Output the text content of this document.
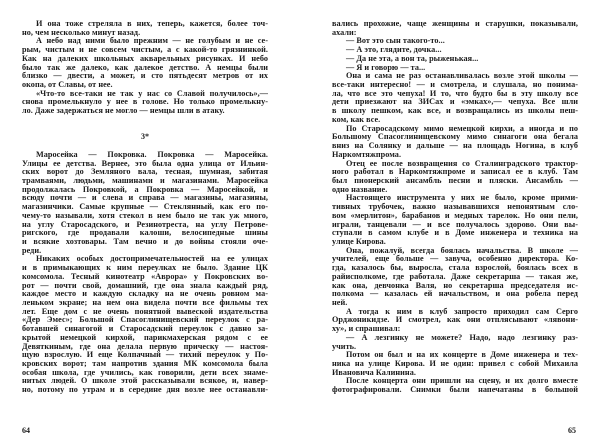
И она тоже стреляла в них, теперь, кажется, более точ-
но, чем несколько минут назад.
А небо над ними было прежним — не голубым и не се-
рым, чистым и не совсем чистым, а с какой-то грязнинкой.
Как на далеких школьных акварельных рисунках. И небо
было так же далеко, как далекое детство. А немцы были
близко — двести, а может, и сто пятьдесят метров от их
окопа, от Славы, от нее.
«Что-то все-таки не так у нас со Славой получилось»,—
снова промелькнуло у нее в голове. Но только промелькну-
ло. Даже задержаться не могло — немцы шли в атаку.
3*
Маросейка — Покровка. Покровка — Маросейка.
Улицы ее детства. Вернее, это была одна улица от Ильин-
ских ворот до Земляного вала, тесная, шумная, забитая
трамваями, людьми, машинами и магазинами. Маросейка
продолжалась Покровкой, а Покровка — Маросейкой, и
всюду почти — и слева и справа — магазины, магазины,
магазинчики. Самые крупные — Стеклянный, как его по-
чему-то называли, хотя стекол в нем было не так уж много,
на углу Старосадского, и Резинотреста, на углу Петрове-
ригского, где продавали калоши, велосипедные шины
и всякие хозтовары. Там вечно и до войны стояли оче-
реди.
Никаких особых достопримечательностей на ее улицах
и в примыкающих к ним переулках не было. Здание ЦК
комсомола. Тесный кинотеатр «Аврора» у Покровских во-
рот — почти свой, домашний, где она знала каждый ряд,
каждое место и каждую складку на не очень ровном ма-
леньком экране; на нем она видела почти все фильмы тех
лет. Еще дом с не очень понятной вывеской издательства
«Дер Эмес»; Большой Спасоглинищевский переулок с ра-
ботавшей синагогой и Старосадский переулок с давно за-
крытой немецкой кирхой, парикмахерская рядом с ее
Девяткиным, где она делала первую прическу — настоя-
щую взрослую. И еще Колпачный — тихий переулок у По-
кровских ворот; там напротив здания МК комсомола была
особая школа, где учились, как говорили, дети всех знаме-
нитых людей. О школе этой рассказывали всякое, и, навер-
но, потому по утрам и в середине дня возле нее останавли-
64
вались прохожие, чаще женщины и старушки, показывали,
ахали:
— Вот это сын такого-то...
— А это, глядите, дочка...
— Да не эта, а вон та, рыженькая...
— Я и говорю — та...
Она и сама не раз останавливалась возле этой школы —
все-таки интересно! — и смотрела, и слушала, но понима-
ла, что все это чепуха! И то, что будто бы в эту школу все
дети приезжают на ЗИСах и «эмках»,— чепуха. Все шли
в школу пешком, как все, и возвращались из школы пеш-
ком, как все.
По Старосадскому мимо немецкой кирхи, а иногда и по
Большому Спасоглинищевскому мимо синагоги она бегала
вниз на Солянку и дальше — на площадь Ногина, в клуб
Наркомтяжпрома.
Отец ее после возвращения со Сталинградского трактор-
ного работал в Наркомтяжпроме и записал ее в клуб. Там
был пионерский ансамбль песни и пляски. Ансамбль —
одно название.
Настоящего инструмента у них не было, кроме прими-
тивных трубочек, важно называвшихся непонятным сло-
вом «мерлитон», барабанов и медных тарелок. Но они пели,
играли, танцевали — и все получалось здорово. Они вы-
ступали в самом клубе и в Доме инженера и техника на
улице Кирова.
Она, пожалуй, всегда боялась начальства. В школе —
учителей, еще больше — завуча, особенно директора. Ко-
гда, казалось бы, выросла, стала взрослой, боялась всех в
райисполкоме, где работала. Даже секретарша — такая же,
как она, девчонка Валя, но секретарша председателя ис-
полкома — казалась ей начальством, и она робела перед
ней.
А тогда к ним в клуб запросто приходил сам Серго
Орджоникидзе. И смотрел, как они отплясывают «лявони-
ху», и спрашивал:
— А лезгинку не можете? Надо, надо лезгинку раз-
учить.
Потом он был и на их концерте в Доме инженера и тех-
ника на улице Кирова. И не один: привел с собой Михаила
Ивановича Калинина.
После концерта они пришли на сцену, и их долго вместе
фотографировали. Снимки были напечатаны в большой
65
